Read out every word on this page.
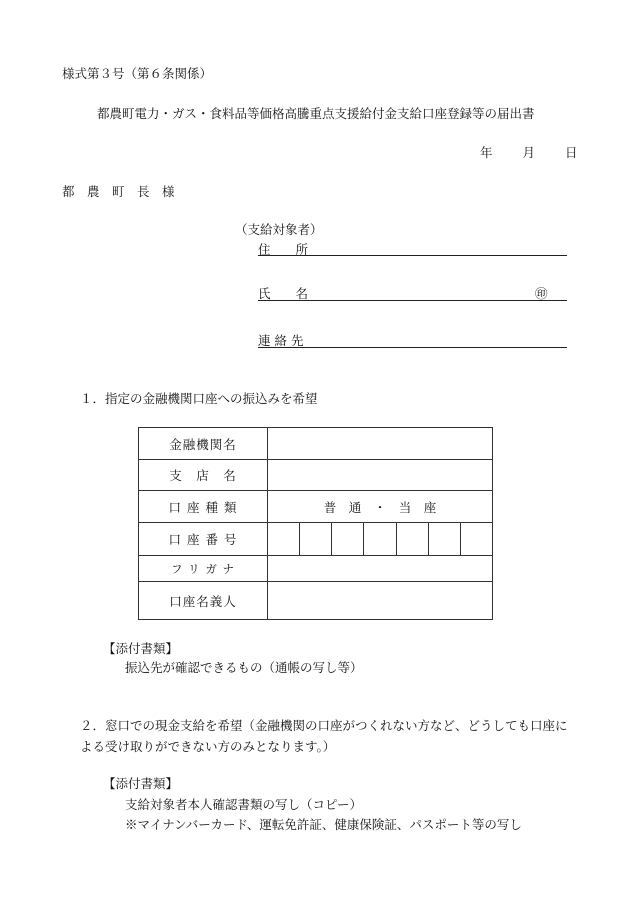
様式第３号（第６条関係）
都農町電力・ガス・食料品等価格高騰重点支援給付金支給口座登録等の届出書
年 月 日
都　農　町　長　様
（支給対象者）
住　　所
氏　　名	㊞
連 絡 先
１．指定の金融機関口座への振込みを希望
金融機関名	
支　店　名	
口 座 種 類	普　通　・　当　座
口 座 番 号	

フ リ ガ ナ	
口座名義人	
【添付書類】
振込先が確認できるもの（通帳の写し等）
２．窓口での現金支給を希望（金融機関の口座がつくれない方など、どうしても口座に
よる受け取りができない方のみとなります。）
【添付書類】
支給対象者本人確認書類の写し（コピー）
※マイナンバーカード、運転免許証、健康保険証、パスポート等の写し
